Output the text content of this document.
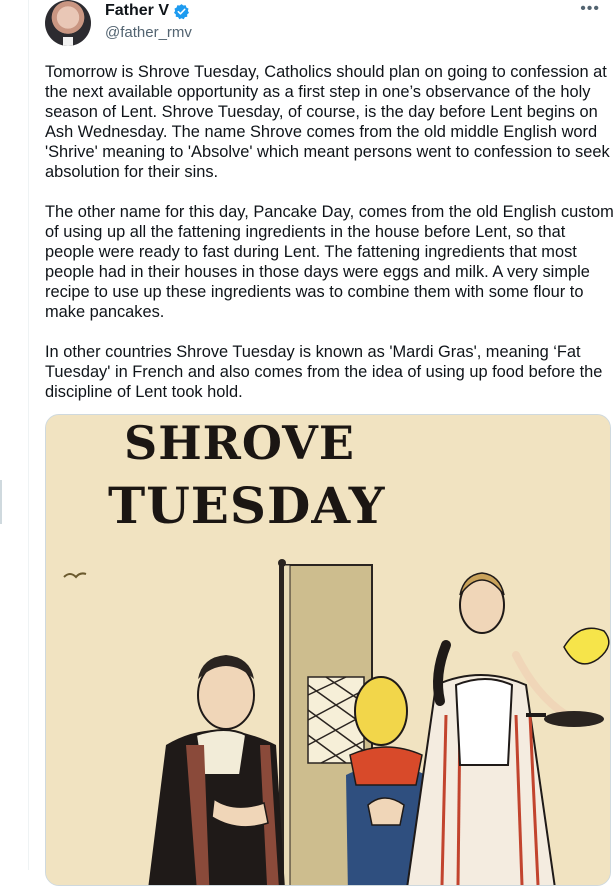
Father V
@father_rmv
•••

Tomorrow is Shrove Tuesday, Catholics should plan on going to confession at the next available opportunity as a first step in one’s observance of the holy season of Lent. Shrove Tuesday, of course, is the day before Lent begins on Ash Wednesday. The name Shrove comes from the old middle English word 'Shrive' meaning to 'Absolve' which meant persons went to confession to seek absolution for their sins.

The other name for this day, Pancake Day, comes from the old English custom of using up all the fattening ingredients in the house before Lent, so that people were ready to fast during Lent. The fattening ingredients that most people had in their houses in those days were eggs and milk. A very simple recipe to use up these ingredients was to combine them with some flour to make pancakes.

In other countries Shrove Tuesday is known as 'Mardi Gras', meaning ‘Fat Tuesday' in French and also comes from the idea of using up food before the discipline of Lent took hold.

SHROVE
TUESDAY
